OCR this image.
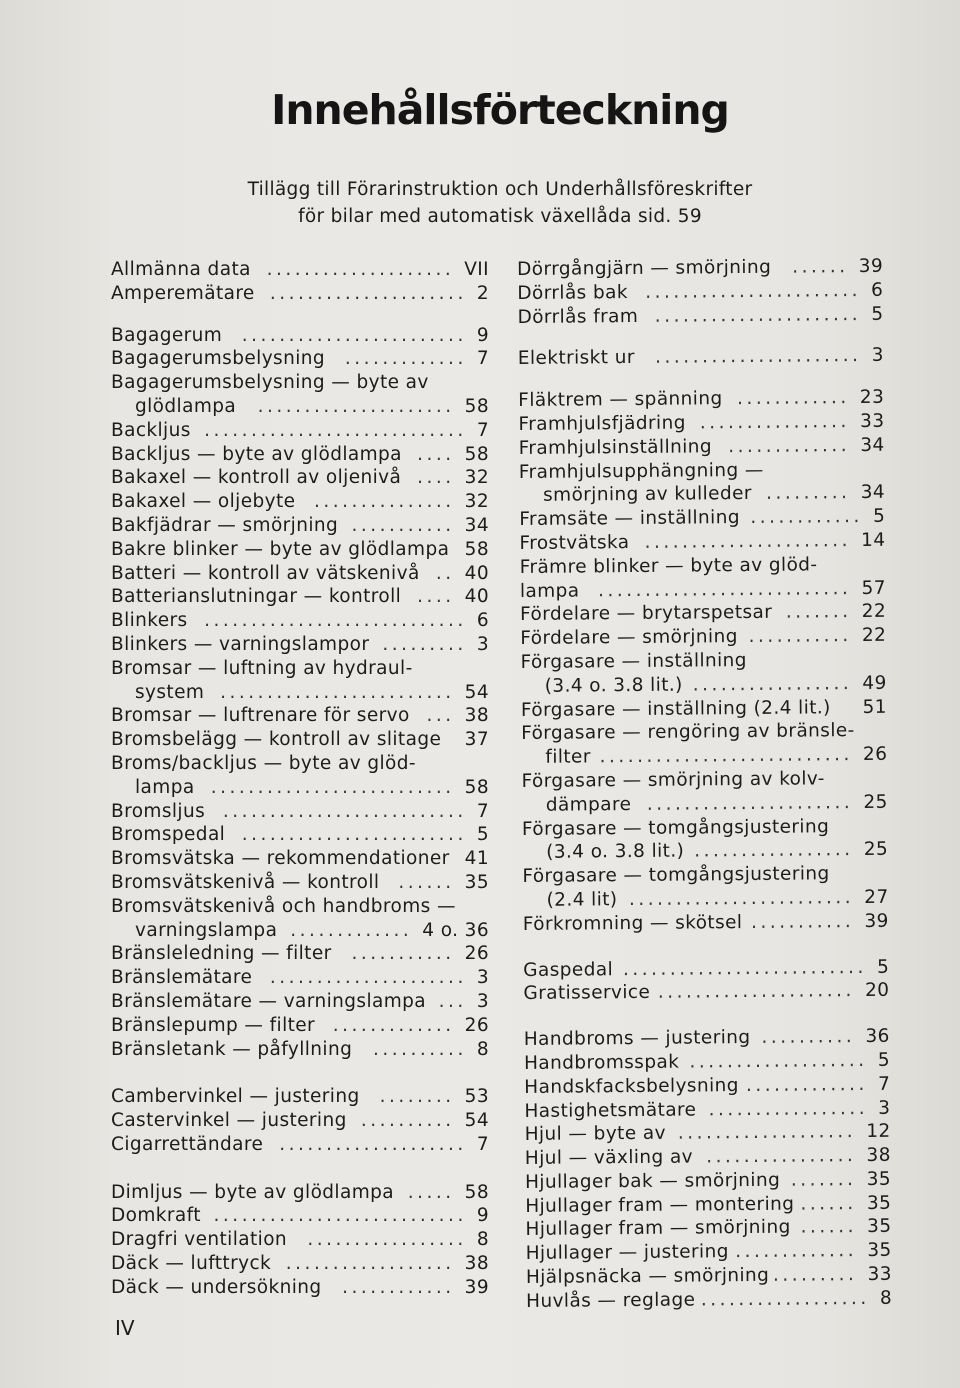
Innehållsförteckning
Tillägg till Förarinstruktion och Underhållsföreskrifter
för bilar med automatisk växellåda sid. 59
Allmänna data	VII
....................
Amperemätare	2
.....................
Bagagerum	9
........................
Bagagerumsbelysning	7
.............
Bagagerumsbelysning — byte av
glödlampa	58
.....................
Backljus	7
............................
Backljus — byte av glödlampa	58
....
Bakaxel — kontroll av oljenivå	32
....
Bakaxel — oljebyte	32
...............
Bakfjädrar — smörjning	34
...........
Bakre blinker — byte av glödlampa 58
Batteri — kontroll av vätskenivå 40
..
Batterianslutningar — kontroll	40
....
Blinkers	6
............................
Blinkers — varningslampor	3
.........
Bromsar — luftning av hydraul-
system	54
.........................
Bromsar — luftrenare för servo	38
...
Bromsbelägg — kontroll av slitage 37
Broms/backljus — byte av glöd-
lampa	58
..........................
Bromsljus	7
..........................
Bromspedal	5
........................
Bromsvätska — rekommendationer 41
Bromsvätskenivå — kontroll	35
......
Bromsvätskenivå och handbroms —
varningslampa	4 o. 36
.............
Bränsleledning — filter	26
...........
Bränslemätare	3
.....................
Bränslemätare — varningslampa	3
...
Bränslepump — filter	26
.............
Bränsletank — påfyllning	8
..........
Cambervinkel — justering	53
........
Castervinkel — justering	54
..........
Cigarrettändare	7
....................
Dimljus — byte av glödlampa	58
.....
Domkraft	9
...........................
Dragfri ventilation	8
.................
Däck — lufttryck	38
..................
Däck — undersökning	39
............
Dörrgångjärn — smörjning	39
......
Dörrlås bak	6
.......................
Dörrlås fram	5
......................
Elektriskt ur	3
......................
Fläktrem — spänning	23
............
Framhjulsfjädring	33
................
Framhjulsinställning	34
.............
Framhjulsupphängning —
smörjning av kulleder	34
.........
Framsäte — inställning	5
............
Frostvätska	14
......................
Främre blinker — byte av glöd-
lampa	57
...........................
Fördelare — brytarspetsar	22
.......
Fördelare — smörjning	22
...........
Förgasare — inställning
(3.4 o. 3.8 lit.)	49
.................
Förgasare — inställning (2.4 lit.) 51
Förgasare — rengöring av bränsle-
filter	26
...........................
Förgasare — smörjning av kolv-
dämpare	25
......................
Förgasare — tomgångsjustering
(3.4 o. 3.8 lit.)	25
.................
Förgasare — tomgångsjustering
(2.4 lit)	27
........................
Förkromning — skötsel	39
...........
Gaspedal	5
..........................
Gratisservice	20
.....................
Handbroms — justering	36
..........
Handbromsspak	5
...................
Handskfacksbelysning	7
.............
Hastighetsmätare	3
.................
Hjul — byte av	12
...................
Hjul — växling av	38
................
Hjullager bak — smörjning	35
.......
Hjullager fram — montering	35
......
Hjullager fram — smörjning	35
......
Hjullager — justering	35
.............
Hjälpsnäcka — smörjning	33
.........
Huvlås — reglage	8
..................
IV
